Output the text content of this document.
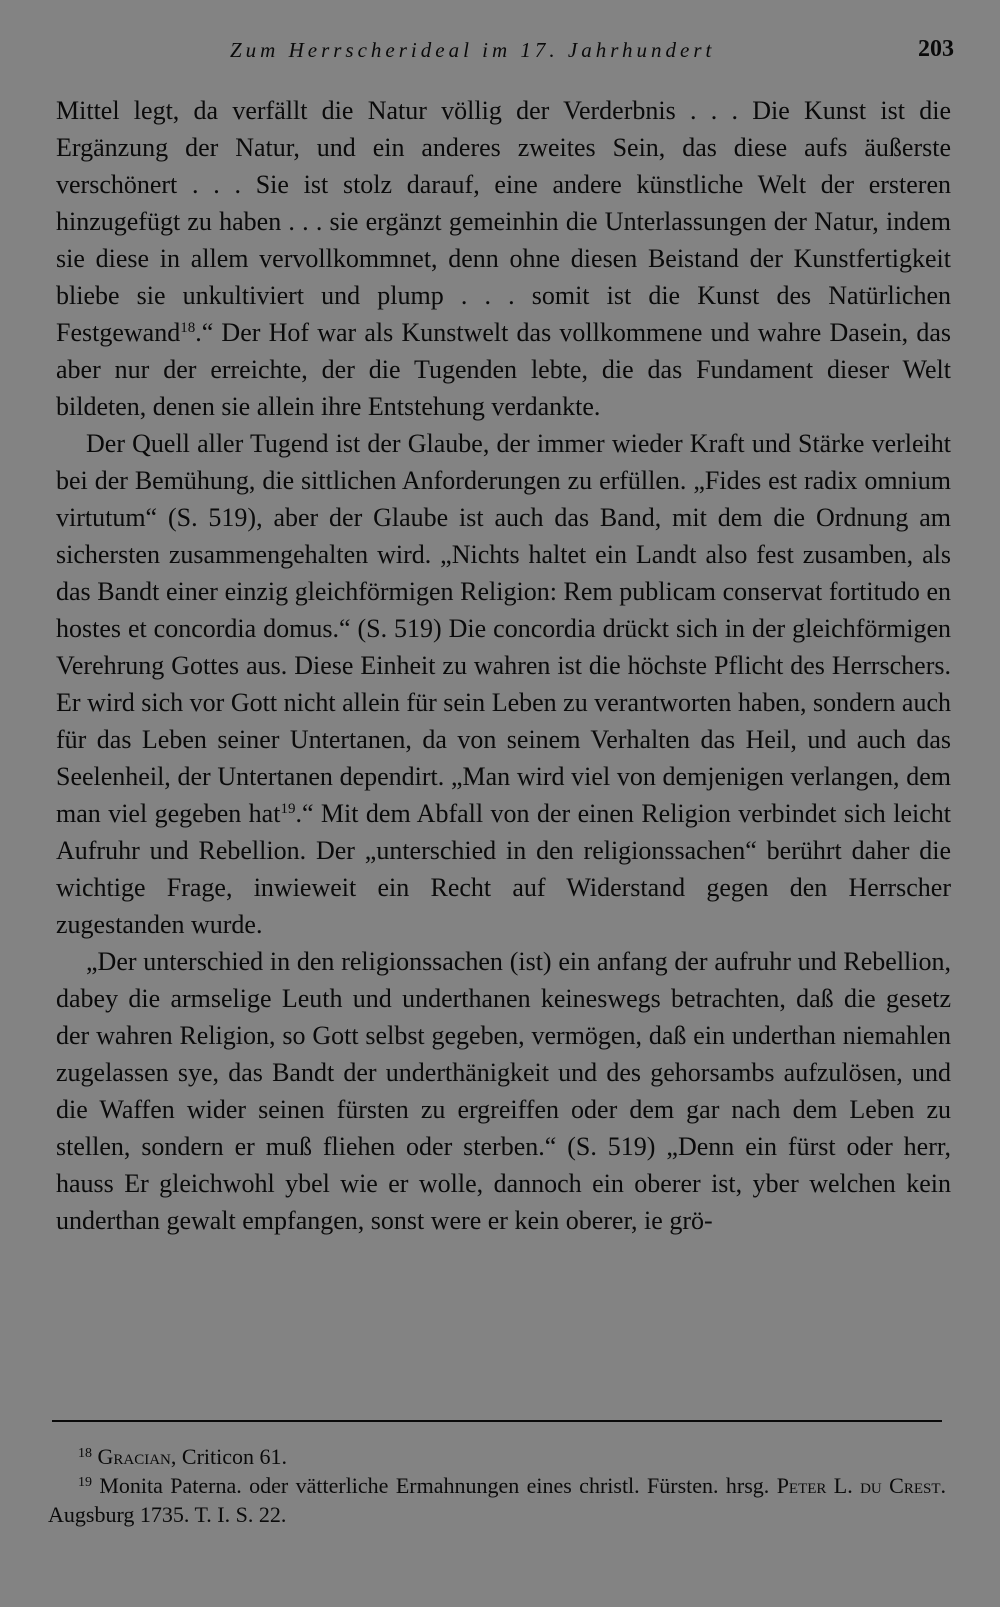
Zum Herrscherideal im 17. Jahrhundert	203

Mittel legt, da verfällt die Natur völlig der Verderbnis . . . Die Kunst ist die Ergänzung der Natur, und ein anderes zweites Sein, das diese aufs äußerste verschönert . . . Sie ist stolz darauf, eine andere künstliche Welt der ersteren hinzugefügt zu haben . . . sie ergänzt gemeinhin die Unterlassungen der Natur, indem sie diese in allem vervollkommnet, denn ohne diesen Beistand der Kunstfertigkeit bliebe sie unkultiviert und plump . . . somit ist die Kunst des Natürlichen Festgewand$^{18}$.“ Der Hof war als Kunstwelt das vollkommene und wahre Dasein, das aber nur der erreichte, der die Tugenden lebte, die das Fundament dieser Welt bildeten, denen sie allein ihre Entstehung verdankte.

Der Quell aller Tugend ist der Glaube, der immer wieder Kraft und Stärke verleiht bei der Bemühung, die sittlichen Anforderungen zu erfüllen. „Fides est radix omnium virtutum“ (S. 519), aber der Glaube ist auch das Band, mit dem die Ordnung am sichersten zusammengehalten wird. „Nichts haltet ein Landt also fest zusamben, als das Bandt einer einzig gleichförmigen Religion: Rem publicam conservat fortitudo en hostes et concordia domus.“ (S. 519) Die concordia drückt sich in der gleichförmigen Verehrung Gottes aus. Diese Einheit zu wahren ist die höchste Pflicht des Herrschers. Er wird sich vor Gott nicht allein für sein Leben zu verantworten haben, sondern auch für das Leben seiner Untertanen, da von seinem Verhalten das Heil, und auch das Seelenheil, der Untertanen dependirt. „Man wird viel von demjenigen verlangen, dem man viel gegeben hat$^{19}$.“ Mit dem Abfall von der einen Religion verbindet sich leicht Aufruhr und Rebellion. Der „unterschied in den religionssachen“ berührt daher die wichtige Frage, inwieweit ein Recht auf Widerstand gegen den Herrscher zugestanden wurde.

„Der unterschied in den religionssachen (ist) ein anfang der aufruhr und Rebellion, dabey die armselige Leuth und underthanen keineswegs betrachten, daß die gesetz der wahren Religion, so Gott selbst gegeben, vermögen, daß ein underthan niemahlen zugelassen sye, das Bandt der underthänigkeit und des gehorsambs aufzulösen, und die Waffen wider seinen fürsten zu ergreiffen oder dem gar nach dem Leben zu stellen, sondern er muß fliehen oder sterben.“ (S. 519) „Denn ein fürst oder herr, hauss Er gleichwohl ybel wie er wolle, dannoch ein oberer ist, yber welchen kein underthan gewalt empfangen, sonst were er kein oberer, ie grö-

$^{18}$ Gracian, Criticon 61.

$^{19}$ Monita Paterna. oder vätterliche Ermahnungen eines christl. Fürsten. hrsg. Peter L. du Crest. Augsburg 1735. T. I. S. 22.
